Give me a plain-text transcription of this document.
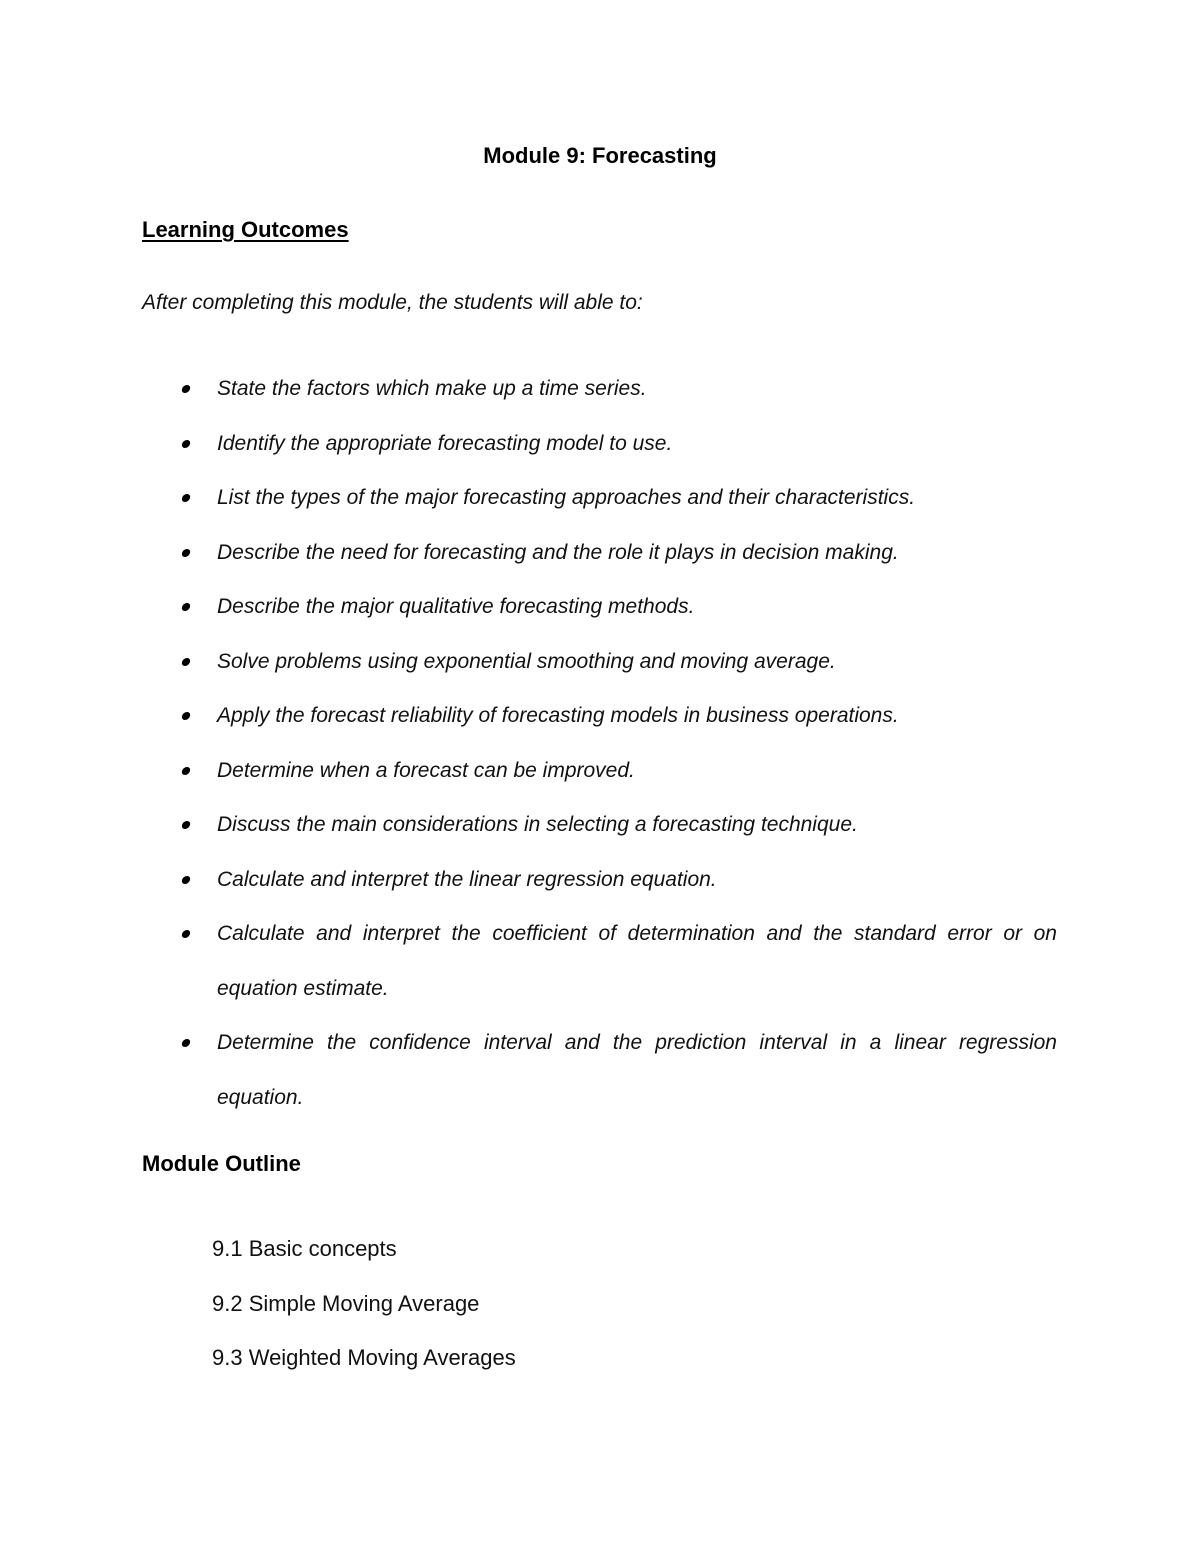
Module 9: Forecasting
Learning Outcomes

After completing this module, the students will able to:

State the factors which make up a time series.
Identify the appropriate forecasting model to use.
List the types of the major forecasting approaches and their characteristics.
Describe the need for forecasting and the role it plays in decision making.
Describe the major qualitative forecasting methods.
Solve problems using exponential smoothing and moving average.
Apply the forecast reliability of forecasting models in business operations.
Determine when a forecast can be improved.
Discuss the main considerations in selecting a forecasting technique.
Calculate and interpret the linear regression equation.
Calculate and interpret the coefficient of determination and the standard error or on equation estimate.
Determine the confidence interval and the prediction interval in a linear regression equation.
Module Outline
9.1 Basic concepts
9.2 Simple Moving Average
9.3 Weighted Moving Averages
